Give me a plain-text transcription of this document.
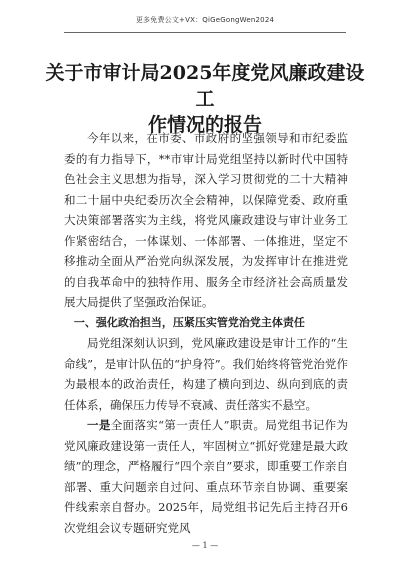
更多免费公文+VX：QiGeGongWen2024
关于市审计局2025年度党风廉政建设工
作情况的报告

今年以来，在市委、市政府的坚强领导和市纪委监委的有力指导下，**市审计局党组坚持以新时代中国特色社会主义思想为指导，深入学习贯彻党的二十大精神和二十届中央纪委历次全会精神，以保障党委、政府重大决策部署落实为主线，将党风廉政建设与审计业务工作紧密结合，一体谋划、一体部署、一体推进，坚定不移推动全面从严治党向纵深发展，为发挥审计在推进党的自我革命中的独特作用、服务全市经济社会高质量发展大局提供了坚强政治保证。

一、强化政治担当，压紧压实管党治党主体责任

局党组深刻认识到，党风廉政建设是审计工作的“生命线”，是审计队伍的“护身符”。我们始终将管党治党作为最根本的政治责任，构建了横向到边、纵向到底的责任体系，确保压力传导不衰减、责任落实不悬空。

一是全面落实“第一责任人”职责。局党组书记作为党风廉政建设第一责任人，牢固树立“抓好党建是最大政绩”的理念，严格履行“四个亲自”要求，即重要工作亲自部署、重大问题亲自过问、重点环节亲自协调、重要案件线索亲自督办。2025年，局党组书记先后主持召开6次党组会议专题研究党风

— 1 —
